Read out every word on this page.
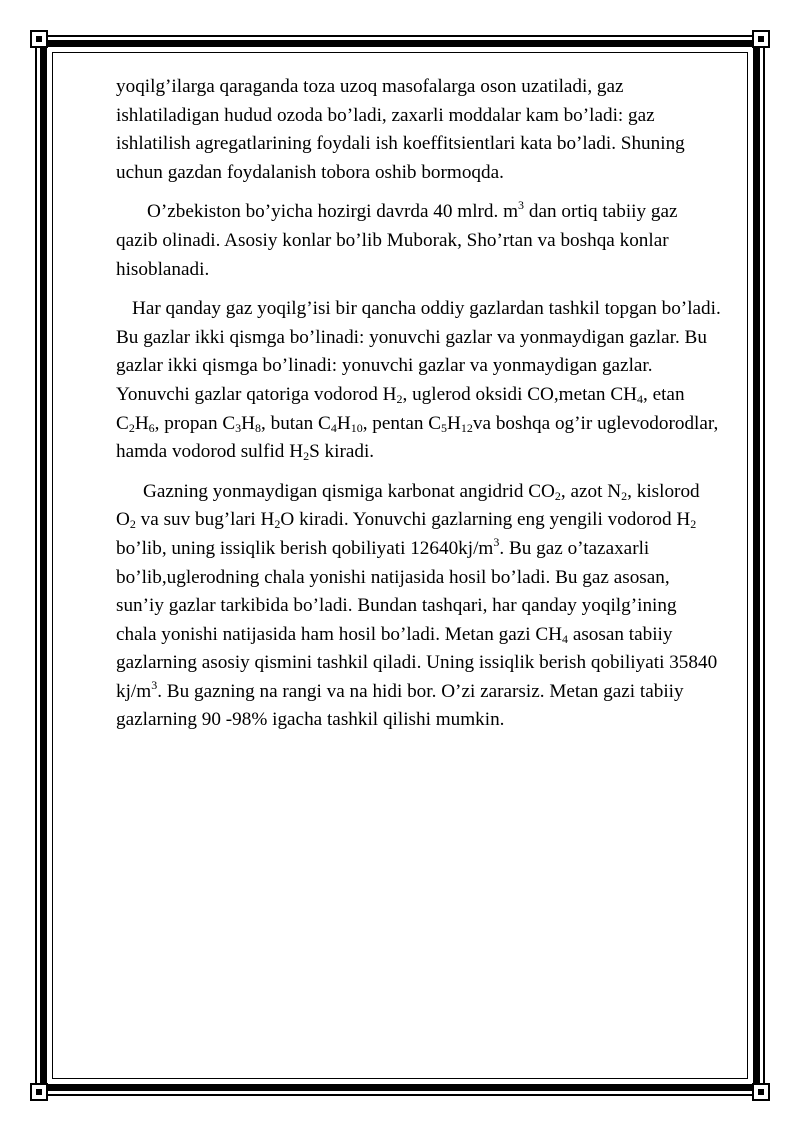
yoqilg’ilarga qaraganda toza uzoq masofalarga oson uzatiladi, gaz ishlatiladigan hudud ozoda bo’ladi, zaxarli moddalar kam bo’ladi: gaz ishlatilish agregatlarining foydali ish koeffitsientlari kata bo’ladi. Shuning uchun gazdan foydalanish tobora oshib bormoqda.

O’zbekiston bo’yicha hozirgi davrda 40 mlrd. $m^3$ dan ortiq tabiiy gaz qazib olinadi. Asosiy konlar bo’lib Muborak, Sho’rtan va boshqa konlar hisoblanadi.

Har qanday gaz yoqilg’isi bir qancha oddiy gazlardan tashkil topgan bo’ladi. Bu gazlar ikki qismga bo’linadi: yonuvchi gazlar va yonmaydigan gazlar. Bu gazlar ikki qismga bo’linadi: yonuvchi gazlar va yonmaydigan gazlar. Yonuvchi gazlar qatoriga vodorod $H_2$, uglerod oksidi CO,metan $CH_4$, etan $C_2H_6$, propan $C_3H_8$, butan $C_4H_{10}$, pentan $C_5H_{12}va$ boshqa og’ir uglevodorodlar, hamda vodorod sulfid $H_2S$ kiradi.

Gazning yonmaydigan qismiga karbonat angidrid $CO_2$, azot $N_2$, kislorod $O_2$ va suv bug’lari $H_2O$ kiradi. Yonuvchi gazlarning eng yengili vodorod $H_2$ bo’lib, uning issiqlik berish qobiliyati $12640kj/m^3$. Bu gaz o’tazaxarli bo’lib,uglerodning chala yonishi natijasida hosil bo’ladi. Bu gaz asosan, sun’iy gazlar tarkibida bo’ladi. Bundan tashqari, har qanday yoqilg’ining chala yonishi natijasida ham hosil bo’ladi. Metan gazi $CH_4$ asosan tabiiy gazlarning asosiy qismini tashkil qiladi. Uning issiqlik berish qobiliyati 35840 $kj/m^3$. Bu gazning na rangi va na hidi bor. O’zi zararsiz. Metan gazi tabiiy gazlarning 90 -98% igacha tashkil qilishi mumkin.
